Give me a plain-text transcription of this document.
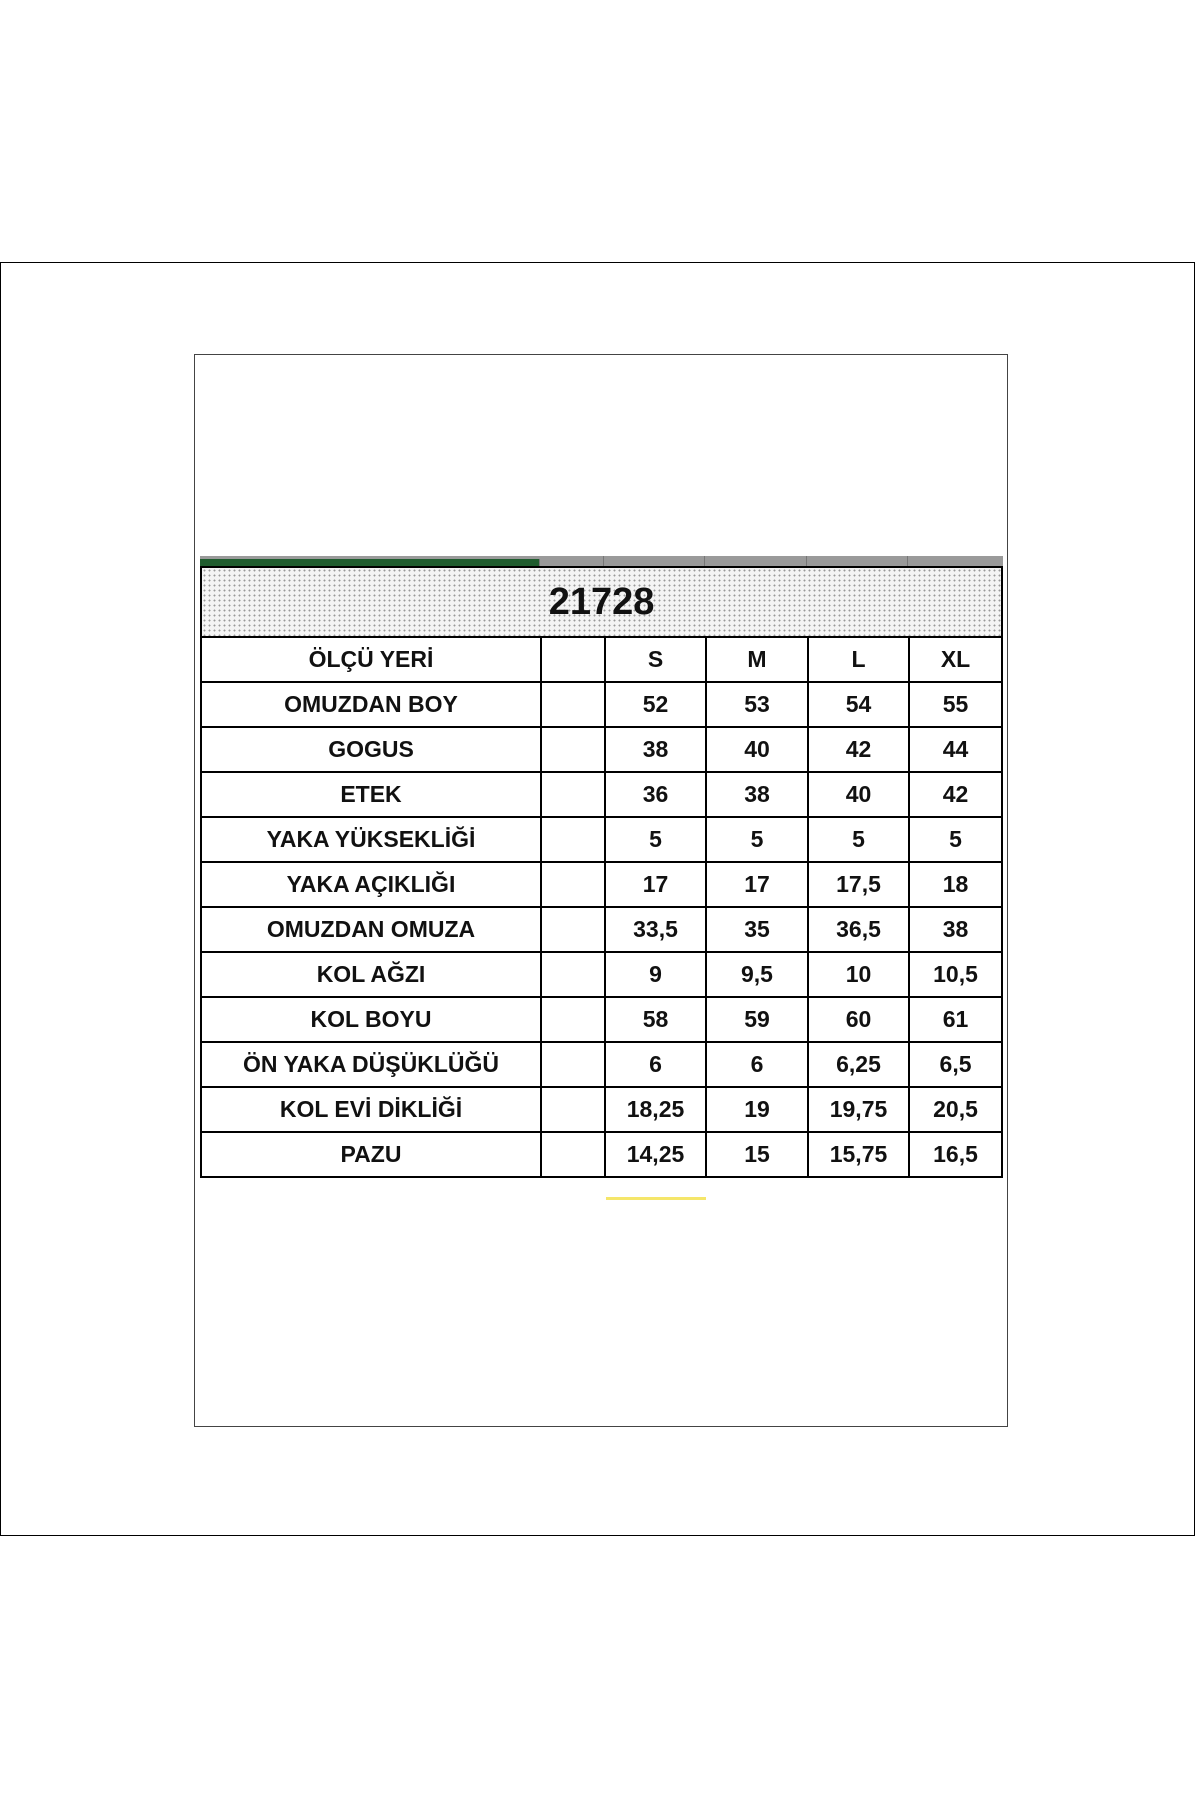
21728					
ÖLÇÜ YERİ		S	M	L	XL
OMUZDAN BOY		52	53	54	55
GOGUS		38	40	42	44
ETEK		36	38	40	42
YAKA YÜKSEKLİĞİ		5	5	5	5
YAKA AÇIKLIĞI		17	17	17,5	18
OMUZDAN OMUZA		33,5	35	36,5	38
KOL AĞZI		9	9,5	10	10,5
KOL BOYU		58	59	60	61
ÖN YAKA DÜŞÜKLÜĞÜ		6	6	6,25	6,5
KOL EVİ DİKLİĞİ		18,25	19	19,75	20,5
PAZU		14,25	15	15,75	16,5
